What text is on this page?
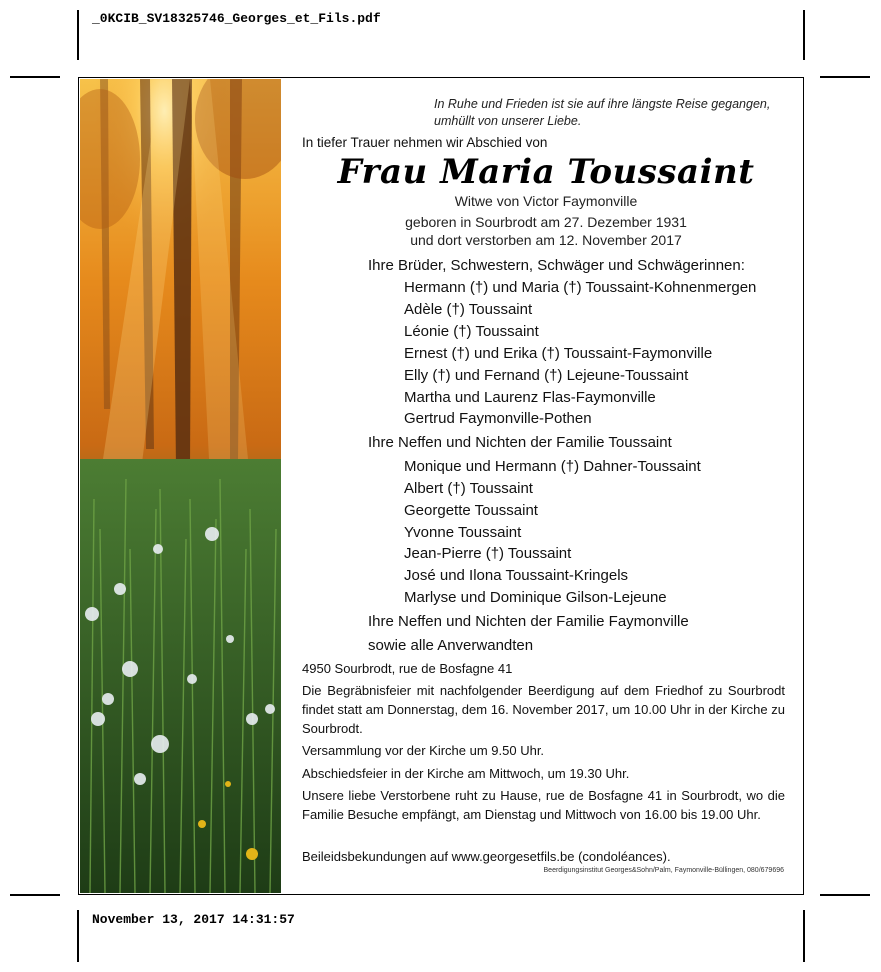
_0KCIB_SV18325746_Georges_et_Fils.pdf
November 13, 2017 14:31:57
In Ruhe und Frieden ist sie auf ihre längste Reise gegangen,
umhüllt von unserer Liebe.
In tiefer Trauer nehmen wir Abschied von
Frau Maria Toussaint
Witwe von Victor Faymonville
geboren in Sourbrodt am 27. Dezember 1931
und dort verstorben am 12. November 2017
Ihre Brüder, Schwestern, Schwäger und Schwägerinnen:
Hermann (†) und Maria (†) Toussaint-Kohnenmergen
Adèle (†) Toussaint
Léonie (†) Toussaint
Ernest (†) und Erika (†) Toussaint-Faymonville
Elly (†) und Fernand (†) Lejeune-Toussaint
Martha und Laurenz Flas-Faymonville
Gertrud Faymonville-Pothen
Ihre Neffen und Nichten der Familie Toussaint
Monique und Hermann (†) Dahner-Toussaint
Albert (†) Toussaint
Georgette Toussaint
Yvonne Toussaint
Jean-Pierre (†) Toussaint
José und Ilona Toussaint-Kringels
Marlyse und Dominique Gilson-Lejeune
Ihre Neffen und Nichten der Familie Faymonville
sowie alle Anverwandten
4950 Sourbrodt, rue de Bosfagne 41
Die Begräbnisfeier mit nachfolgender Beerdigung auf dem Friedhof zu Sourbrodt findet statt am Donnerstag, dem 16. November 2017, um 10.00 Uhr in der Kirche zu Sourbrodt.
Versammlung vor der Kirche um 9.50 Uhr.
Abschiedsfeier in der Kirche am Mittwoch, um 19.30 Uhr.
Unsere liebe Verstorbene ruht zu Hause, rue de Bosfagne 41 in Sourbrodt, wo die Familie Besuche empfängt, am Dienstag und Mittwoch von 16.00 bis 19.00 Uhr.
Beileidsbekundungen auf www.georgesetfils.be (condoléances).
Beerdigungsinstitut Georges&Sohn/Palm, Faymonville-Büllingen, 080/679696
